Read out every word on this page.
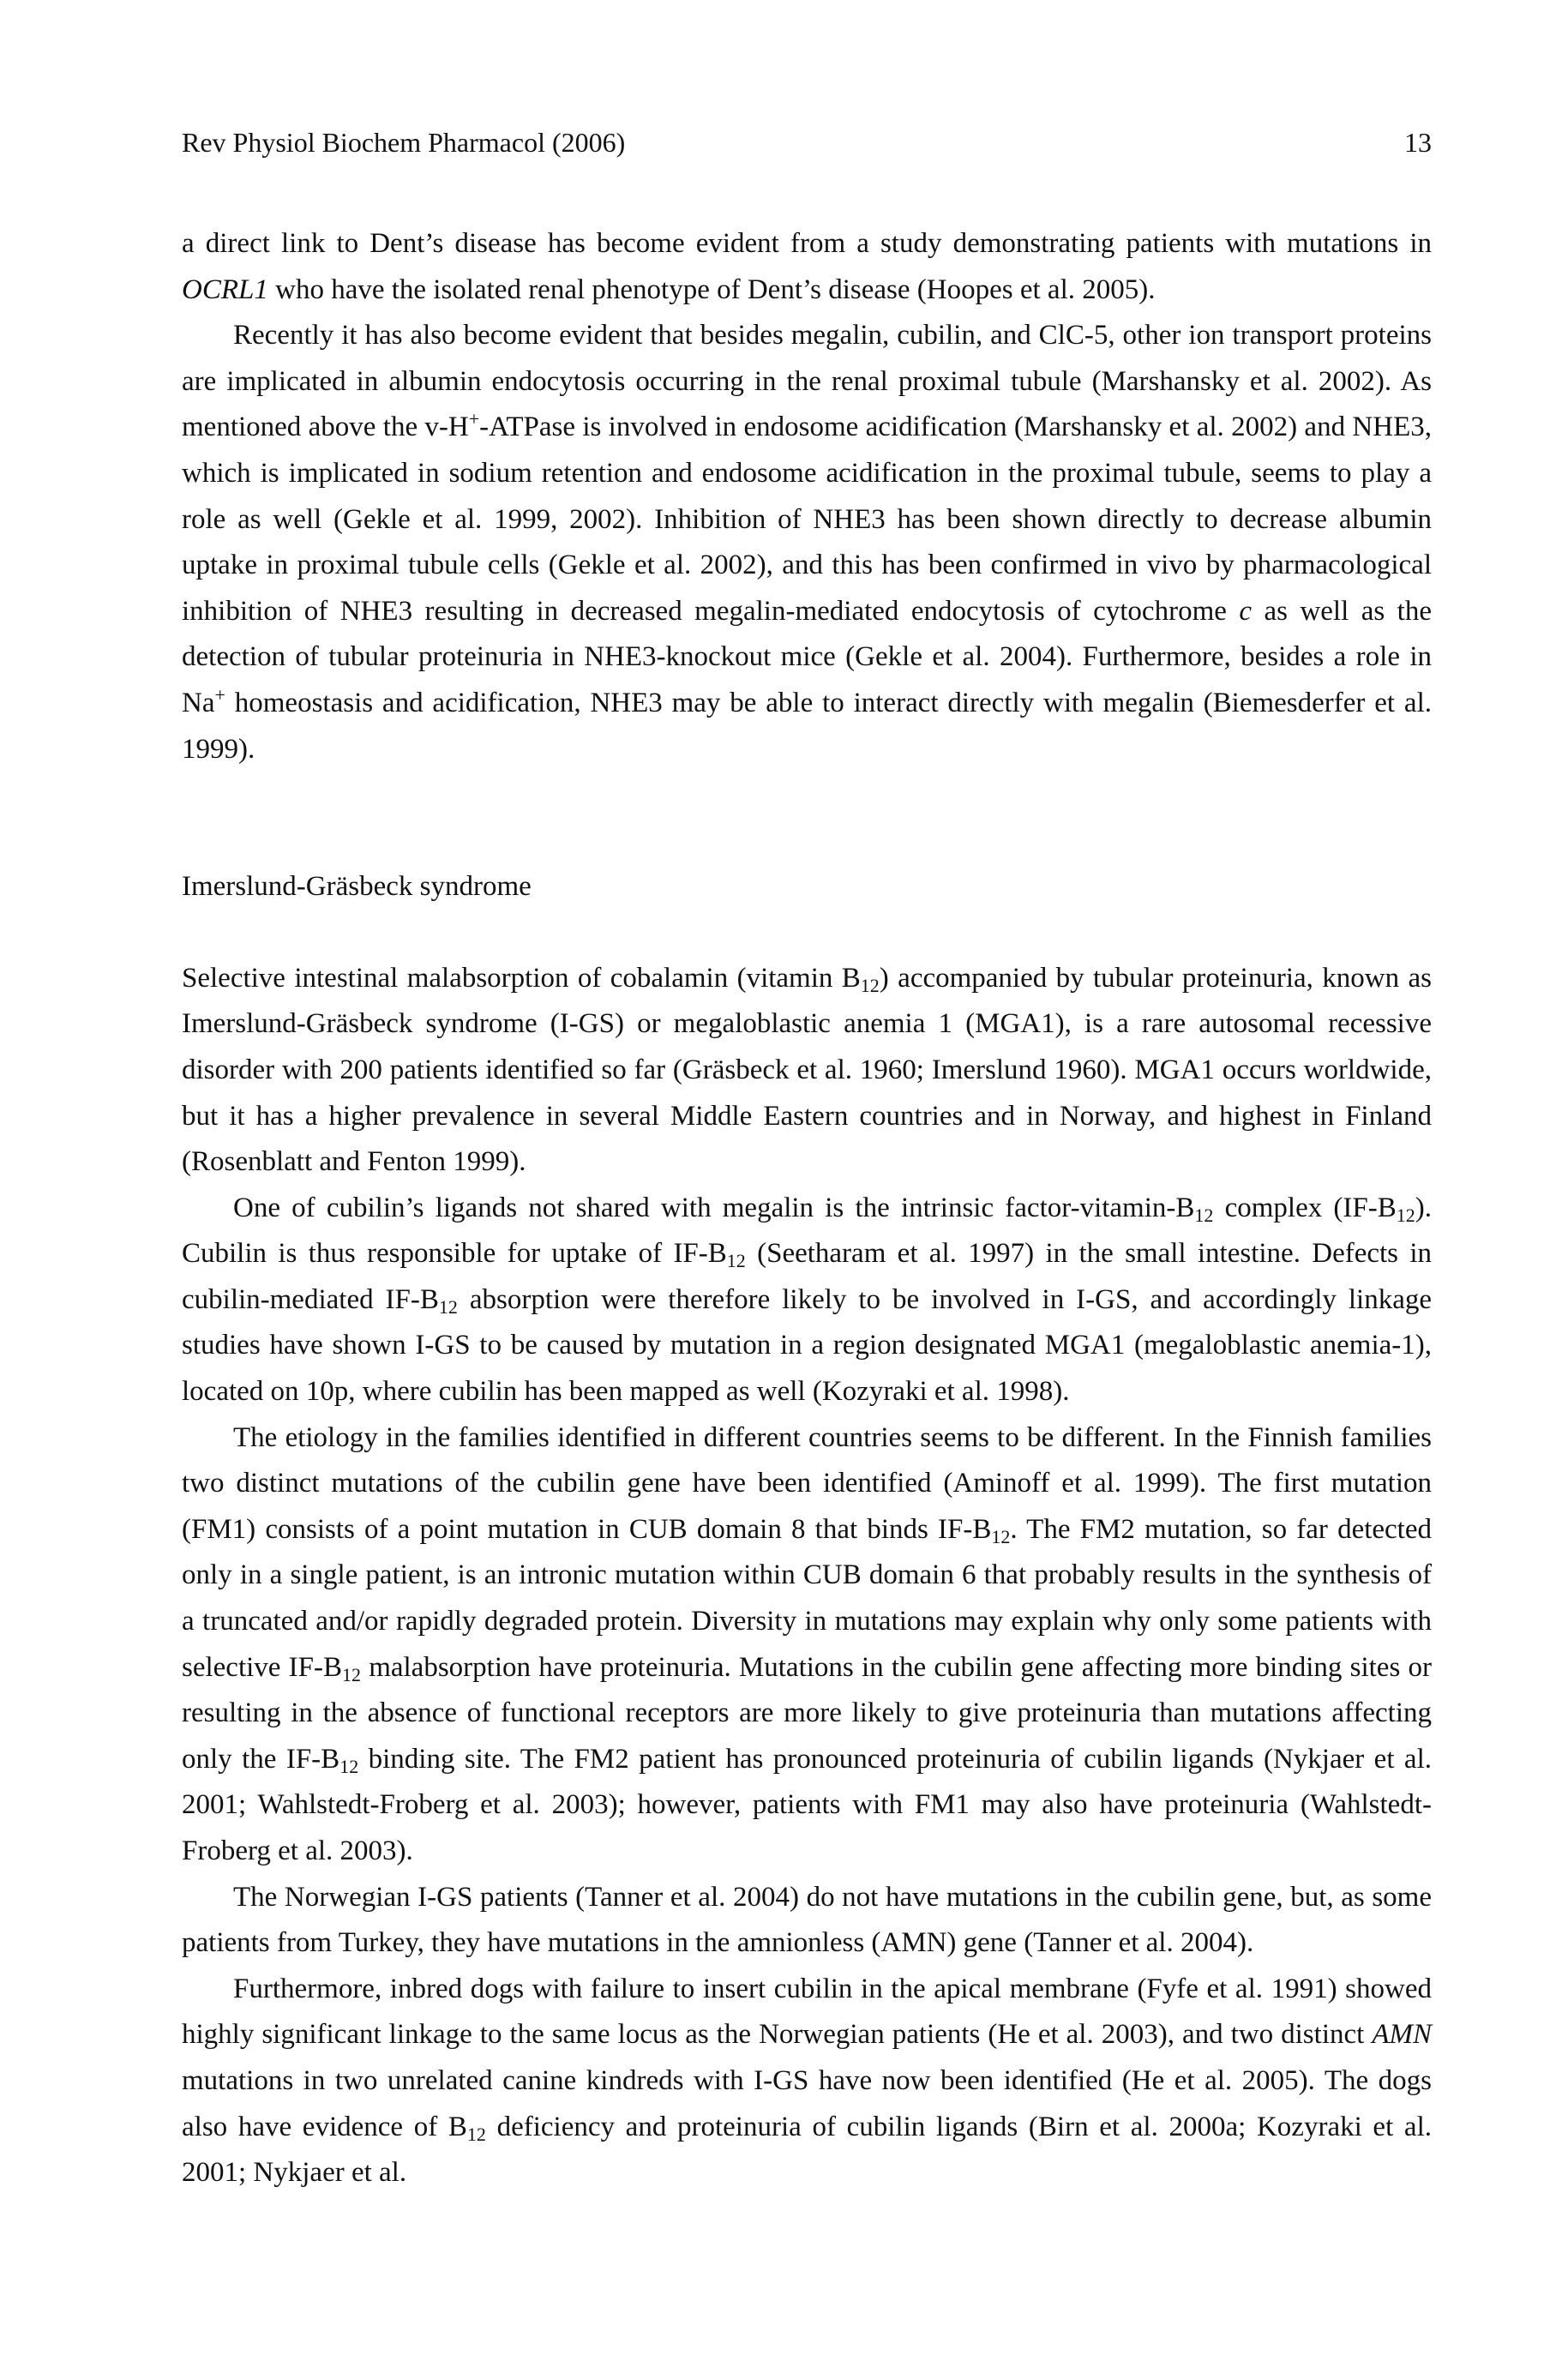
Rev Physiol Biochem Pharmacol (2006)	13

a direct link to Dent’s disease has become evident from a study demonstrating patients with mutations in OCRL1 who have the isolated renal phenotype of Dent’s disease (Hoopes et al. 2005).

Recently it has also become evident that besides megalin, cubilin, and ClC-5, other ion transport proteins are implicated in albumin endocytosis occurring in the renal proximal tubule (Marshansky et al. 2002). As mentioned above the v-H+-ATPase is involved in endosome acidification (Marshansky et al. 2002) and NHE3, which is implicated in sodium retention and endosome acidification in the proximal tubule, seems to play a role as well (Gekle et al. 1999, 2002). Inhibition of NHE3 has been shown directly to decrease albumin uptake in proximal tubule cells (Gekle et al. 2002), and this has been confirmed in vivo by pharmacological inhibition of NHE3 resulting in decreased megalin-mediated endocytosis of cytochrome c as well as the detection of tubular proteinuria in NHE3-knockout mice (Gekle et al. 2004). Furthermore, besides a role in Na+ homeostasis and acidification, NHE3 may be able to interact directly with megalin (Biemesderfer et al. 1999).

Imerslund-Gräsbeck syndrome

Selective intestinal malabsorption of cobalamin (vitamin $B_{12}$) accompanied by tubular proteinuria, known as Imerslund-Gräsbeck syndrome (I-GS) or megaloblastic anemia 1 (MGA1), is a rare autosomal recessive disorder with 200 patients identified so far (Gräsbeck et al. 1960; Imerslund 1960). MGA1 occurs worldwide, but it has a higher prevalence in several Middle Eastern countries and in Norway, and highest in Finland (Rosenblatt and Fenton 1999).

One of cubilin’s ligands not shared with megalin is the intrinsic factor-$vitamin-B_{12}$ complex $(IF-B_{12})$. Cubilin is thus responsible for uptake of $IF-B_{12}$ (Seetharam et al. 1997) in the small intestine. Defects in cubilin-mediated $IF-B_{12}$ absorption were therefore likely to be involved in I-GS, and accordingly linkage studies have shown I-GS to be caused by mutation in a region designated MGA1 (megaloblastic anemia-1), located on 10p, where cubilin has been mapped as well (Kozyraki et al. 1998).

The etiology in the families identified in different countries seems to be different. In the Finnish families two distinct mutations of the cubilin gene have been identified (Aminoff et al. 1999). The first mutation (FM1) consists of a point mutation in CUB domain 8 that binds $IF-B_{12}$. The FM2 mutation, so far detected only in a single patient, is an intronic mutation within CUB domain 6 that probably results in the synthesis of a truncated and/or rapidly degraded protein. Diversity in mutations may explain why only some patients with selective $IF-B_{12}$ malabsorption have proteinuria. Mutations in the cubilin gene affecting more binding sites or resulting in the absence of functional receptors are more likely to give proteinuria than mutations affecting only the $IF-B_{12}$ binding site. The FM2 patient has pronounced proteinuria of cubilin ligands (Nykjaer et al. 2001; Wahlstedt-Froberg et al. 2003); however, patients with FM1 may also have proteinuria (Wahlstedt-Froberg et al. 2003).

The Norwegian I-GS patients (Tanner et al. 2004) do not have mutations in the cubilin gene, but, as some patients from Turkey, they have mutations in the amnionless (AMN) gene (Tanner et al. 2004).

Furthermore, inbred dogs with failure to insert cubilin in the apical membrane (Fyfe et al. 1991) showed highly significant linkage to the same locus as the Norwegian patients (He et al. 2003), and two distinct AMN mutations in two unrelated canine kindreds with I-GS have now been identified (He et al. 2005). The dogs also have evidence of $B_{12}$ deficiency and proteinuria of cubilin ligands (Birn et al. 2000a; Kozyraki et al. 2001; Nykjaer et al.
